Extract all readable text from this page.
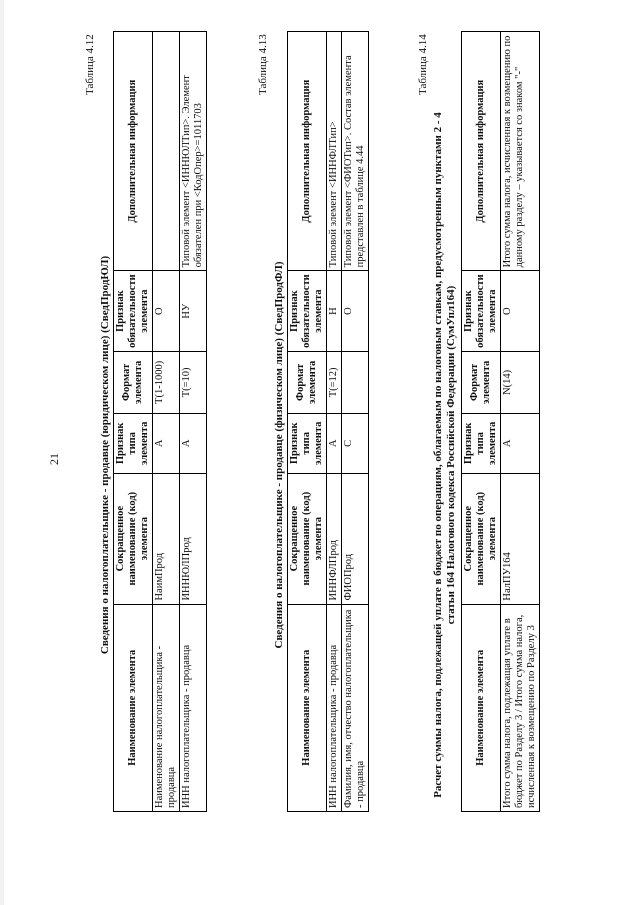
21
Таблица 4.12
Сведения о налогоплательщике - продавце (юридическом лице) (СведПродЮЛ)
Наименование элемента	Сокращенное наименование (код) элемента	Признак типа элемента	Формат элемента	Признак обязательности элемента	Дополнительная информация
Наименование налогоплательщика - продавца	НаимПрод	A	T(1-1000)	O	
ИНН налогоплательщика - продавца	ИННЮЛПрод	A	T(=10)	НУ	Типовой элемент <ИННЮЛТип>. Элемент обязателен при <КодОпер>=1011703
Таблица 4.13
Сведения о налогоплательщике - продавце (физическом лице) (СведПродФЛ)
Наименование элемента	Сокращенное наименование (код) элемента	Признак типа элемента	Формат элемента	Признак обязательности элемента	Дополнительная информация
ИНН налогоплательщика - продавца	ИННФЛПрод	A	T(=12)	Н	Типовой элемент <ИННФЛТип>
Фамилия, имя, отчество налогоплательщика - продавца	ФИОПрод	С		O	Типовой элемент <ФИОТип>. Состав элемента представлен в таблице 4.44
Таблица 4.14
Расчет суммы налога, подлежащей уплате в бюджет по операциям, облагаемым по налоговым ставкам, предусмотренным пунктами 2 - 4 статьи 164 Налогового кодекса Российской Федерации (СумУпл164)
Наименование элемента	Сокращенное наименование (код) элемента	Признак типа элемента	Формат элемента	Признак обязательности элемента	Дополнительная информация
Итого сумма налога, подлежащая уплате в бюджет по Разделу 3 / Итого сумма налога, исчисленная к возмещению по Разделу 3	НалПУ164	A	N(14)	O	Итого сумма налога, исчисленная к возмещению по данному разделу – указывается со знаком "-"
